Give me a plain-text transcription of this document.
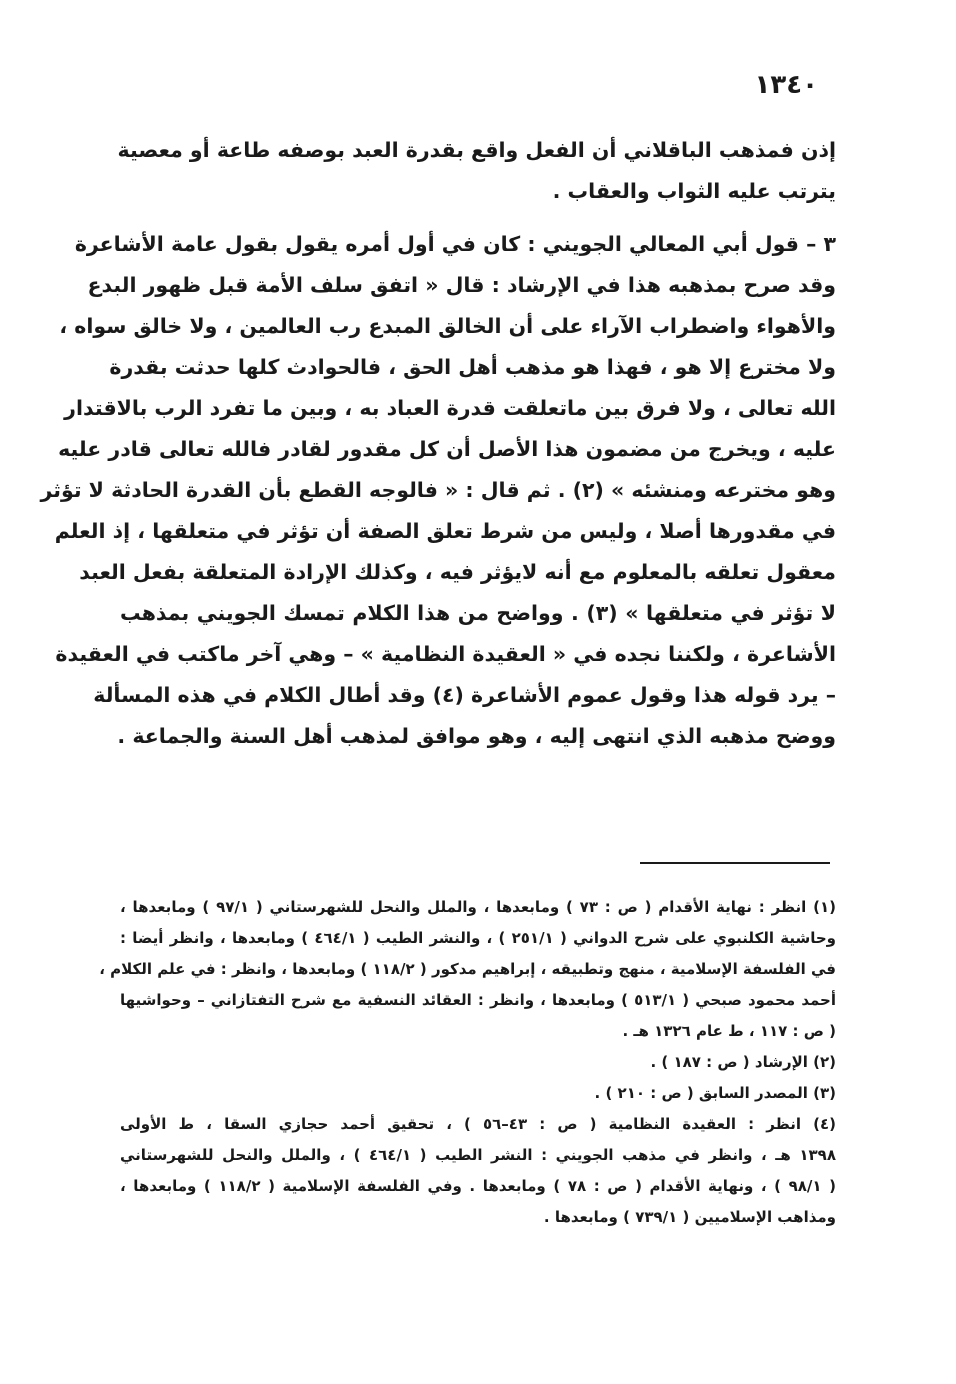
١٣٤٠
إذن فمذهب الباقلاني أن الفعل واقع بقدرة العبد بوصفه طاعة أو معصية
يترتب عليه الثواب والعقاب .
٣ – قول أبي المعالي الجويني : كان في أول أمره يقول بقول عامة الأشاعرة
وقد صرح بمذهبه هذا في الإرشاد : قال « اتفق سلف الأمة قبل ظهور البدع
والأهواء واضطراب الآراء على أن الخالق المبدع رب العالمين ، ولا خالق سواه ،
ولا مخترع إلا هو ، فهذا هو مذهب أهل الحق ، فالحوادث كلها حدثت بقدرة
الله تعالى ، ولا فرق بين ماتعلقت قدرة العباد به ، وبين ما تفرد الرب بالاقتدار
عليه ، ويخرج من مضمون هذا الأصل أن كل مقدور لقادر فالله تعالى قادر عليه
وهو مخترعه ومنشئه » (٢) . ثم قال : « فالوجه القطع بأن القدرة الحادثة لا تؤثر
في مقدورها أصلا ، وليس من شرط تعلق الصفة أن تؤثر في متعلقها ، إذ العلم
معقول تعلقه بالمعلوم مع أنه لايؤثر فيه ، وكذلك الإرادة المتعلقة بفعل العبد
لا تؤثر في متعلقها » (٣) . وواضح من هذا الكلام تمسك الجويني بمذهب
الأشاعرة ، ولكننا نجده في « العقيدة النظامية » – وهي آخر ماكتب في العقيدة
– يرد قوله هذا وقول عموم الأشاعرة (٤) وقد أطال الكلام في هذه المسألة
ووضح مذهبه الذي انتهى إليه ، وهو موافق لمذهب أهل السنة والجماعة .
(١) انظر : نهاية الأقدام ( ص : ٧٣ ) ومابعدها ، والملل والنحل للشهرستاني ( ٩٧/١ ) ومابعدها ،
وحاشية الكلنبوي على شرح الدواني ( ٢٥١/١ ) ، والنشر الطيب ( ٤٦٤/١ ) ومابعدها ، وانظر أيضا :
في الفلسفة الإسلامية ، منهج وتطبيقه ، إبراهيم مدكور ( ١١٨/٢ ) ومابعدها ، وانظر : في علم الكلام ،
أحمد محمود صبحي ( ٥١٣/١ ) ومابعدها ، وانظر : العقائد النسفية مع شرح التفتازاني – وحواشيها
( ص : ١١٧ ، ط عام ١٣٢٦ هـ .
(٢) الإرشاد ( ص : ١٨٧ ) .
(٣) المصدر السابق ( ص : ٢١٠ ) .
(٤) انظر : العقيدة النظامية ( ص : ٤٣–٥٦ ) ، تحقيق أحمد حجازي السقا ، ط الأولى
١٣٩٨ هـ ، وانظر في مذهب الجويني : النشر الطيب ( ٤٦٤/١ ) ، والملل والنحل للشهرستاني
( ٩٨/١ ) ، ونهاية الأقدام ( ص : ٧٨ ) ومابعدها . وفي الفلسفة الإسلامية ( ١١٨/٢ ) ومابعدها ،
ومذاهب الإسلاميين ( ٧٣٩/١ ) ومابعدها .
